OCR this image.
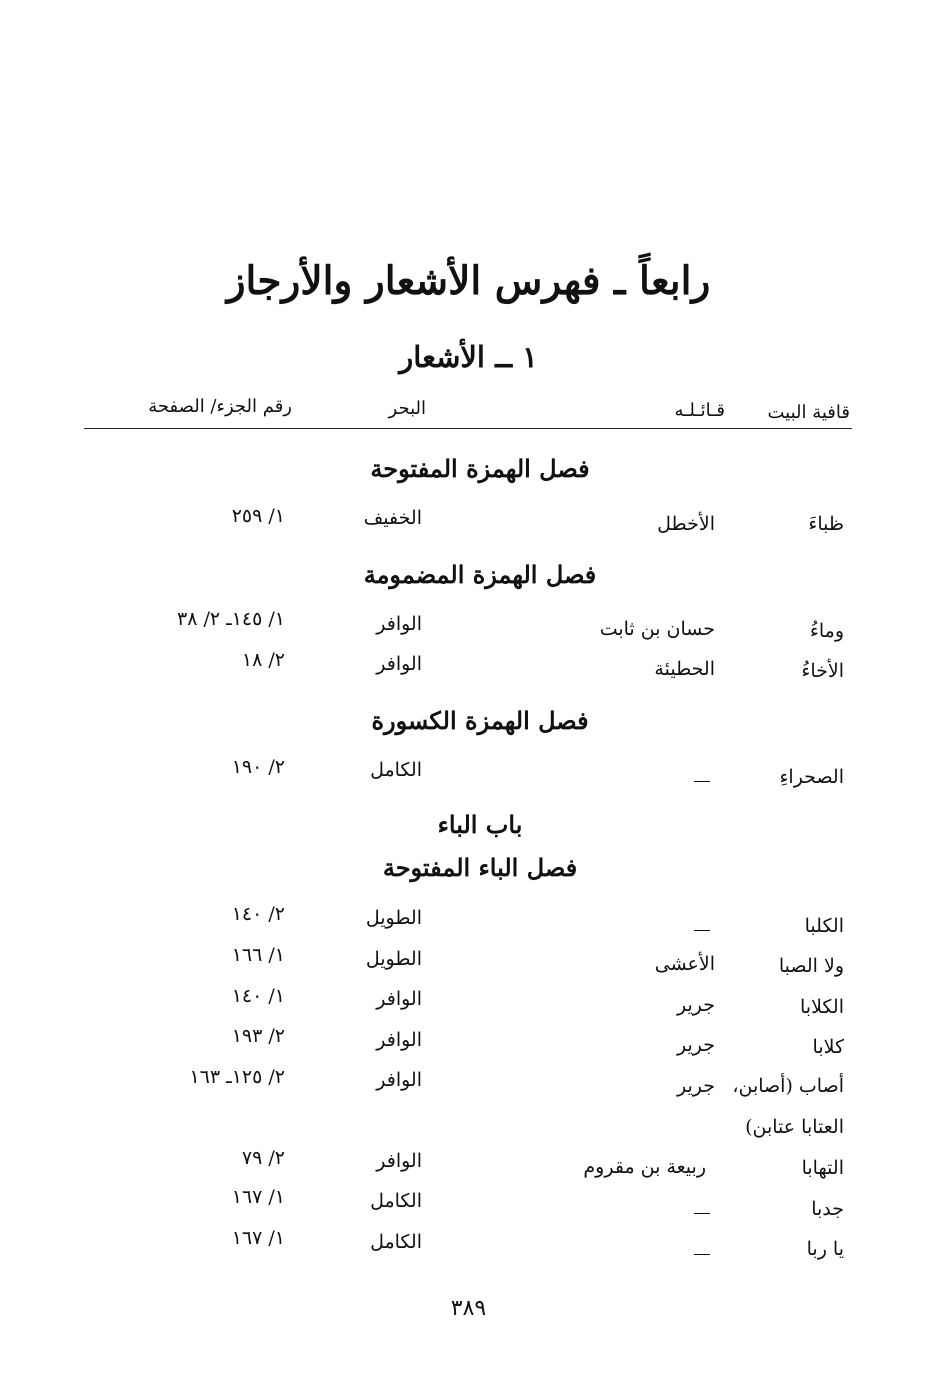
رابعاً ـ فهرس الأشعار والأرجاز
١ ــ الأشعار
قافية البيت
قـائـلـه
البحر
رقم الجزء/ الصفحة
فصل الهمزة المفتوحة
ظباءَ
الأخطل
الخفيف
١/ ٢٥٩
فصل الهمزة المضمومة
وماءُ
حسان بن ثابت
الوافر
١/ ١٤٥ـ ٢/ ٣٨
الأخاءُ
الحطيئة
الوافر
٢/ ١٨
فصل الهمزة الكسورة
الصحراءِ
الكامل
٢/ ١٩٠
باب الباء
فصل الباء المفتوحة
الكلبا
الطويل
٢/ ١٤٠
ولا الصبا
الأعشى
الطويل
١/ ١٦٦
الكلابا
جرير
الوافر
١/ ١٤٠
كلابا
جرير
الوافر
٢/ ١٩٣
أصاب (أصابن،
جرير
الوافر
٢/ ١٢٥ـ ١٦٣
العتابا عتابن)
التهابا
ربيعة بن مقروم
الوافر
٢/ ٧٩
جدبا
الكامل
١/ ١٦٧
يا ربا
الكامل
١/ ١٦٧
٣٨٩
